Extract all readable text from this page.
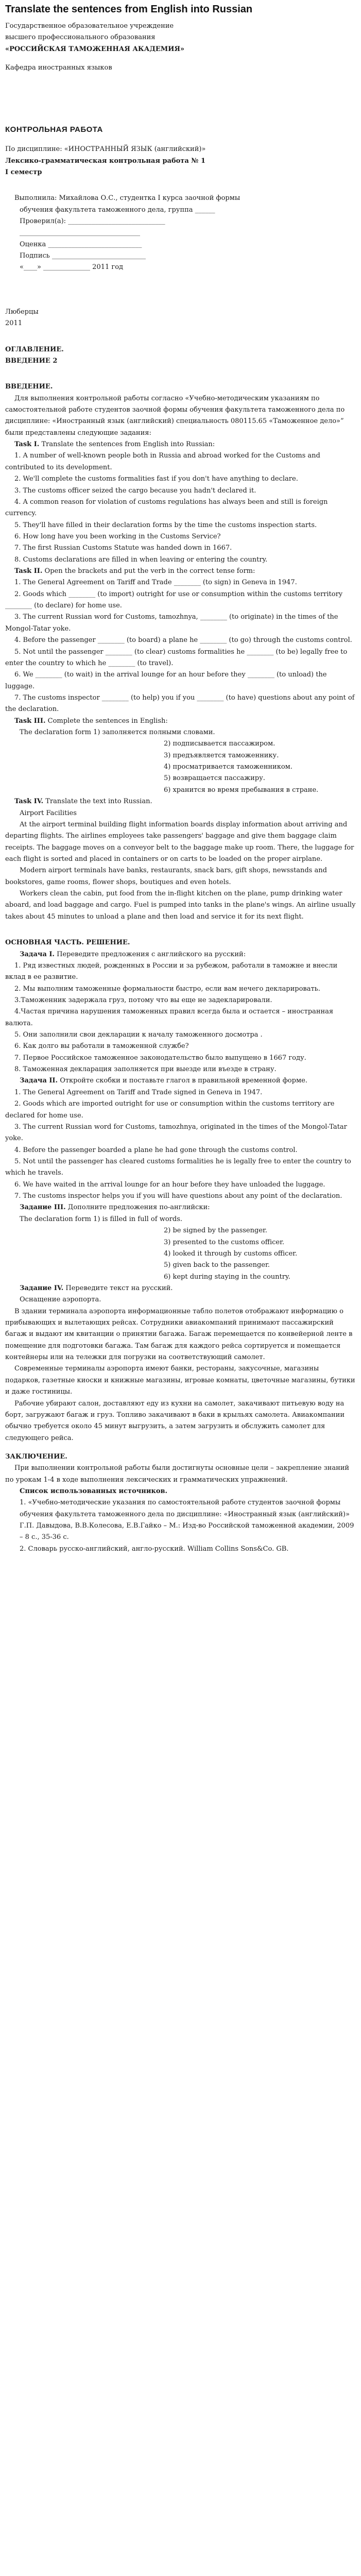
Translate the sentences from English into Russian

Государственное образовательное учреждение

высшего профессионального образования

«РОССИЙСКАЯ ТАМОЖЕННАЯ АКАДЕМИЯ»

Кафедра иностранных языков

КОНТРОЛЬНАЯ РАБОТА

По дисциплине: «ИНОСТРАННЫЙ ЯЗЫК (английский)»

Лексико-грамматическая контрольная работа № 1

I семестр

Выполнила: Михайлова О.С., студентка I курса заочной формы

обучения факультета таможенного дела, группа ______

Проверил(а): _____________________________

____________________________________

Оценка ____________________________

Подпись ____________________________

«____» ______________ 2011 год

Люберцы

2011

ОГЛАВЛЕНИЕ.

ВВЕДЕНИЕ 2

ВВЕДЕНИЕ.

Для выполнения контрольной работы согласно «Учебно-методическим указаниям по самостоятельной работе студентов заочной формы обучения факультета таможенного дела по дисциплине: «Иностранный язык (английский) специальность 080115.65 «Таможенное дело»” были представлены следующие задания:

Task I. Translate the sentences from English into Russian:

1. A number of well-known people both in Russia and abroad worked for the Customs and contributed to its development.

2. We'll complete the customs formalities fast if you don't have anything to declare.

3. The customs officer seized the cargo because you hadn't declared it.

4. A common reason for violation of customs regulations has always been and still is foreign currency.

5. They'll have filled in their declaration forms by the time the customs inspection starts.

6. How long have you been working in the Customs Service?

7. The first Russian Customs Statute was handed down in 1667.

8. Customs declarations are filled in when leaving or entering the country.

Task II. Open the brackets and put the verb in the correct tense form:

1. The General Agreement on Tariff and Trade ________ (to sign) in Geneva in 1947.

2. Goods which ________ (to import) outright for use or consumption within the customs territory ________ (to declare) for home use.

3. The current Russian word for Customs, tamozhnya, ________ (to originate) in the times of the Mongol-Tatar yoke.

4. Before the passenger ________ (to board) a plane he ________ (to go) through the customs control.

5. Not until the passenger ________ (to clear) customs formalities he ________ (to be) legally free to enter the country to which he ________ (to travel).

6. We ________ (to wait) in the arrival lounge for an hour before they ________ (to unload) the luggage.

7. The customs inspector ________ (to help) you if you ________ (to have) questions about any point of the declaration.

Task III. Complete the sentences in English:

The declaration form 1) заполняется полными словами.

2) подписывается пассажиром.

3) предъявляется таможеннику.

4) просматривается таможенником.

5) возвращается пассажиру.

6) хранится во время пребывания в стране.

Task IV. Translate the text into Russian.

Airport Facilities

At the airport terminal building flight information boards display information about arriving and departing flights. The airlines employees take passengers' baggage and give them baggage claim receipts. The baggage moves on a conveyor belt to the baggage make up room. There, the luggage for each flight is sorted and placed in containers or on carts to be loaded on the proper airplane.

Modern airport terminals have banks, restaurants, snack bars, gift shops, newsstands and bookstores, game rooms, flower shops, boutiques and even hotels.

Workers clean the cabin, put food from the in-flight kitchen on the plane, pump drinking water aboard, and load baggage and cargo. Fuel is pumped into tanks in the plane's wings. An airline usually takes about 45 minutes to unload a plane and then load and service it for its next flight.

ОСНОВНАЯ ЧАСТЬ. РЕШЕНИЕ.

Задача I. Переведите предложения с английского на русский:

1. Ряд известных людей, рожденных в России и за рубежом, работали в таможне и внесли вклад в ее развитие.

2. Мы выполним таможенные формальности быстро, если вам нечего декларировать.

3.Таможенник задержала груз, потому что вы еще не задекларировали.

4.Частая причина нарушения таможенных правил всегда была и остается – иностранная валюта.

5. Они заполнили свои декларации к началу таможенного досмотра .

6. Как долго вы работали в таможенной службе?

7. Первое Российское таможенное законодательство было выпущено в 1667 году.

8. Таможенная декларация заполняется при выезде или въезде в страну.

Задача II. Откройте скобки и поставьте глагол в правильной временной форме.

1. The General Agreement on Tariff and Trade signed in Geneva in 1947.

2. Goods which are imported outright for use or consumption within the customs territory are declared for home use.

3. The current Russian word for Customs, tamozhnya, originated in the times of the Mongol-Tatar yoke.

4. Before the passenger boarded a plane he had gone through the customs control.

5. Not until the passenger has cleared customs formalities he is legally free to enter the country to which he travels.

6. We have waited in the arrival lounge for an hour before they have unloaded the luggage.

7. The customs inspector helps you if you will have questions about any point of the declaration.

Задание III. Дополните предложения по-английски:

The declaration form 1) is filled in full of words.

2) be signed by the passenger.

3) presented to the customs officer.

4) looked it through by customs officer.

5) given back to the passenger.

6) kept during staying in the country.

Задание IV. Переведите текст на русский.

Оснащение аэропорта.

В здании терминала аэропорта информационные табло полетов отображают информацию о прибывающих и вылетающих рейсах. Сотрудники авиакомпаний принимают пассажирский багаж и выдают им квитанции о принятии багажа. Багаж перемещается по конвейерной ленте в помещение для подготовки багажа. Там багаж для каждого рейса сортируется и помещается контейнеры или на тележки для погрузки на соответствующий самолет.

Современные терминалы аэропорта имеют банки, рестораны, закусочные, магазины подарков, газетные киоски и книжные магазины, игровые комнаты, цветочные магазины, бутики и даже гостиницы.

Рабочие убирают салон, доставляют еду из кухни на самолет, закачивают питьевую воду на борт, загружают багаж и груз. Топливо закачивают в баки в крыльях самолета. Авиакомпании обычно требуется около 45 минут выгрузить, а затем загрузить и обслужить самолет для следующего рейса.

ЗАКЛЮЧЕНИЕ.

При выполнении контрольной работы были достигнуты основные цели – закрепление знаний по урокам 1-4 в ходе выполнения лексических и грамматических упражнений.

Список использованных источников.

1. «Учебно-методические указания по самостоятельной работе студентов заочной формы обучения факультета таможенного дела по дисциплине: «Иностранный язык (английский)» Г.П. Давыдова, В.В.Колесова, Е.В.Гайко – М.: Изд-во Российской таможенной академии, 2009 – 8 с., 35-36 с.

2. Словарь русско-английский, англо-русский. William Collins Sons&Co. GB.
